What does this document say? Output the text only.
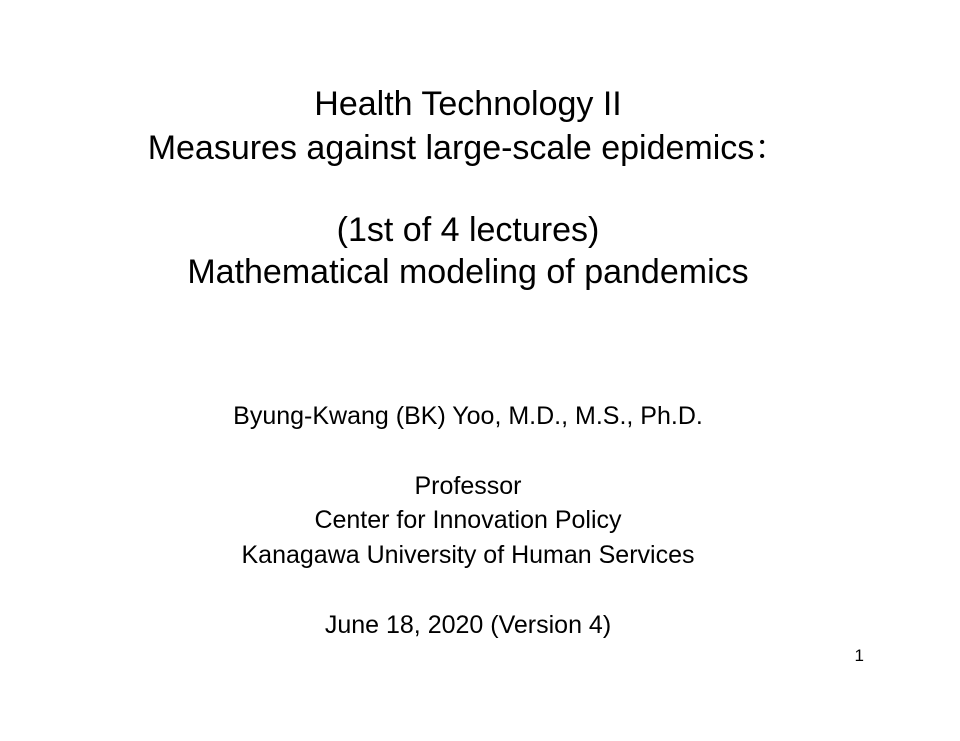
Health Technology II
Measures against large-scale epidemics：
(1st of 4 lectures)
Mathematical modeling of pandemics
Byung-Kwang (BK) Yoo, M.D., M.S., Ph.D.
Professor
Center for Innovation Policy
Kanagawa University of Human Services
June 18, 2020 (Version 4)
1
